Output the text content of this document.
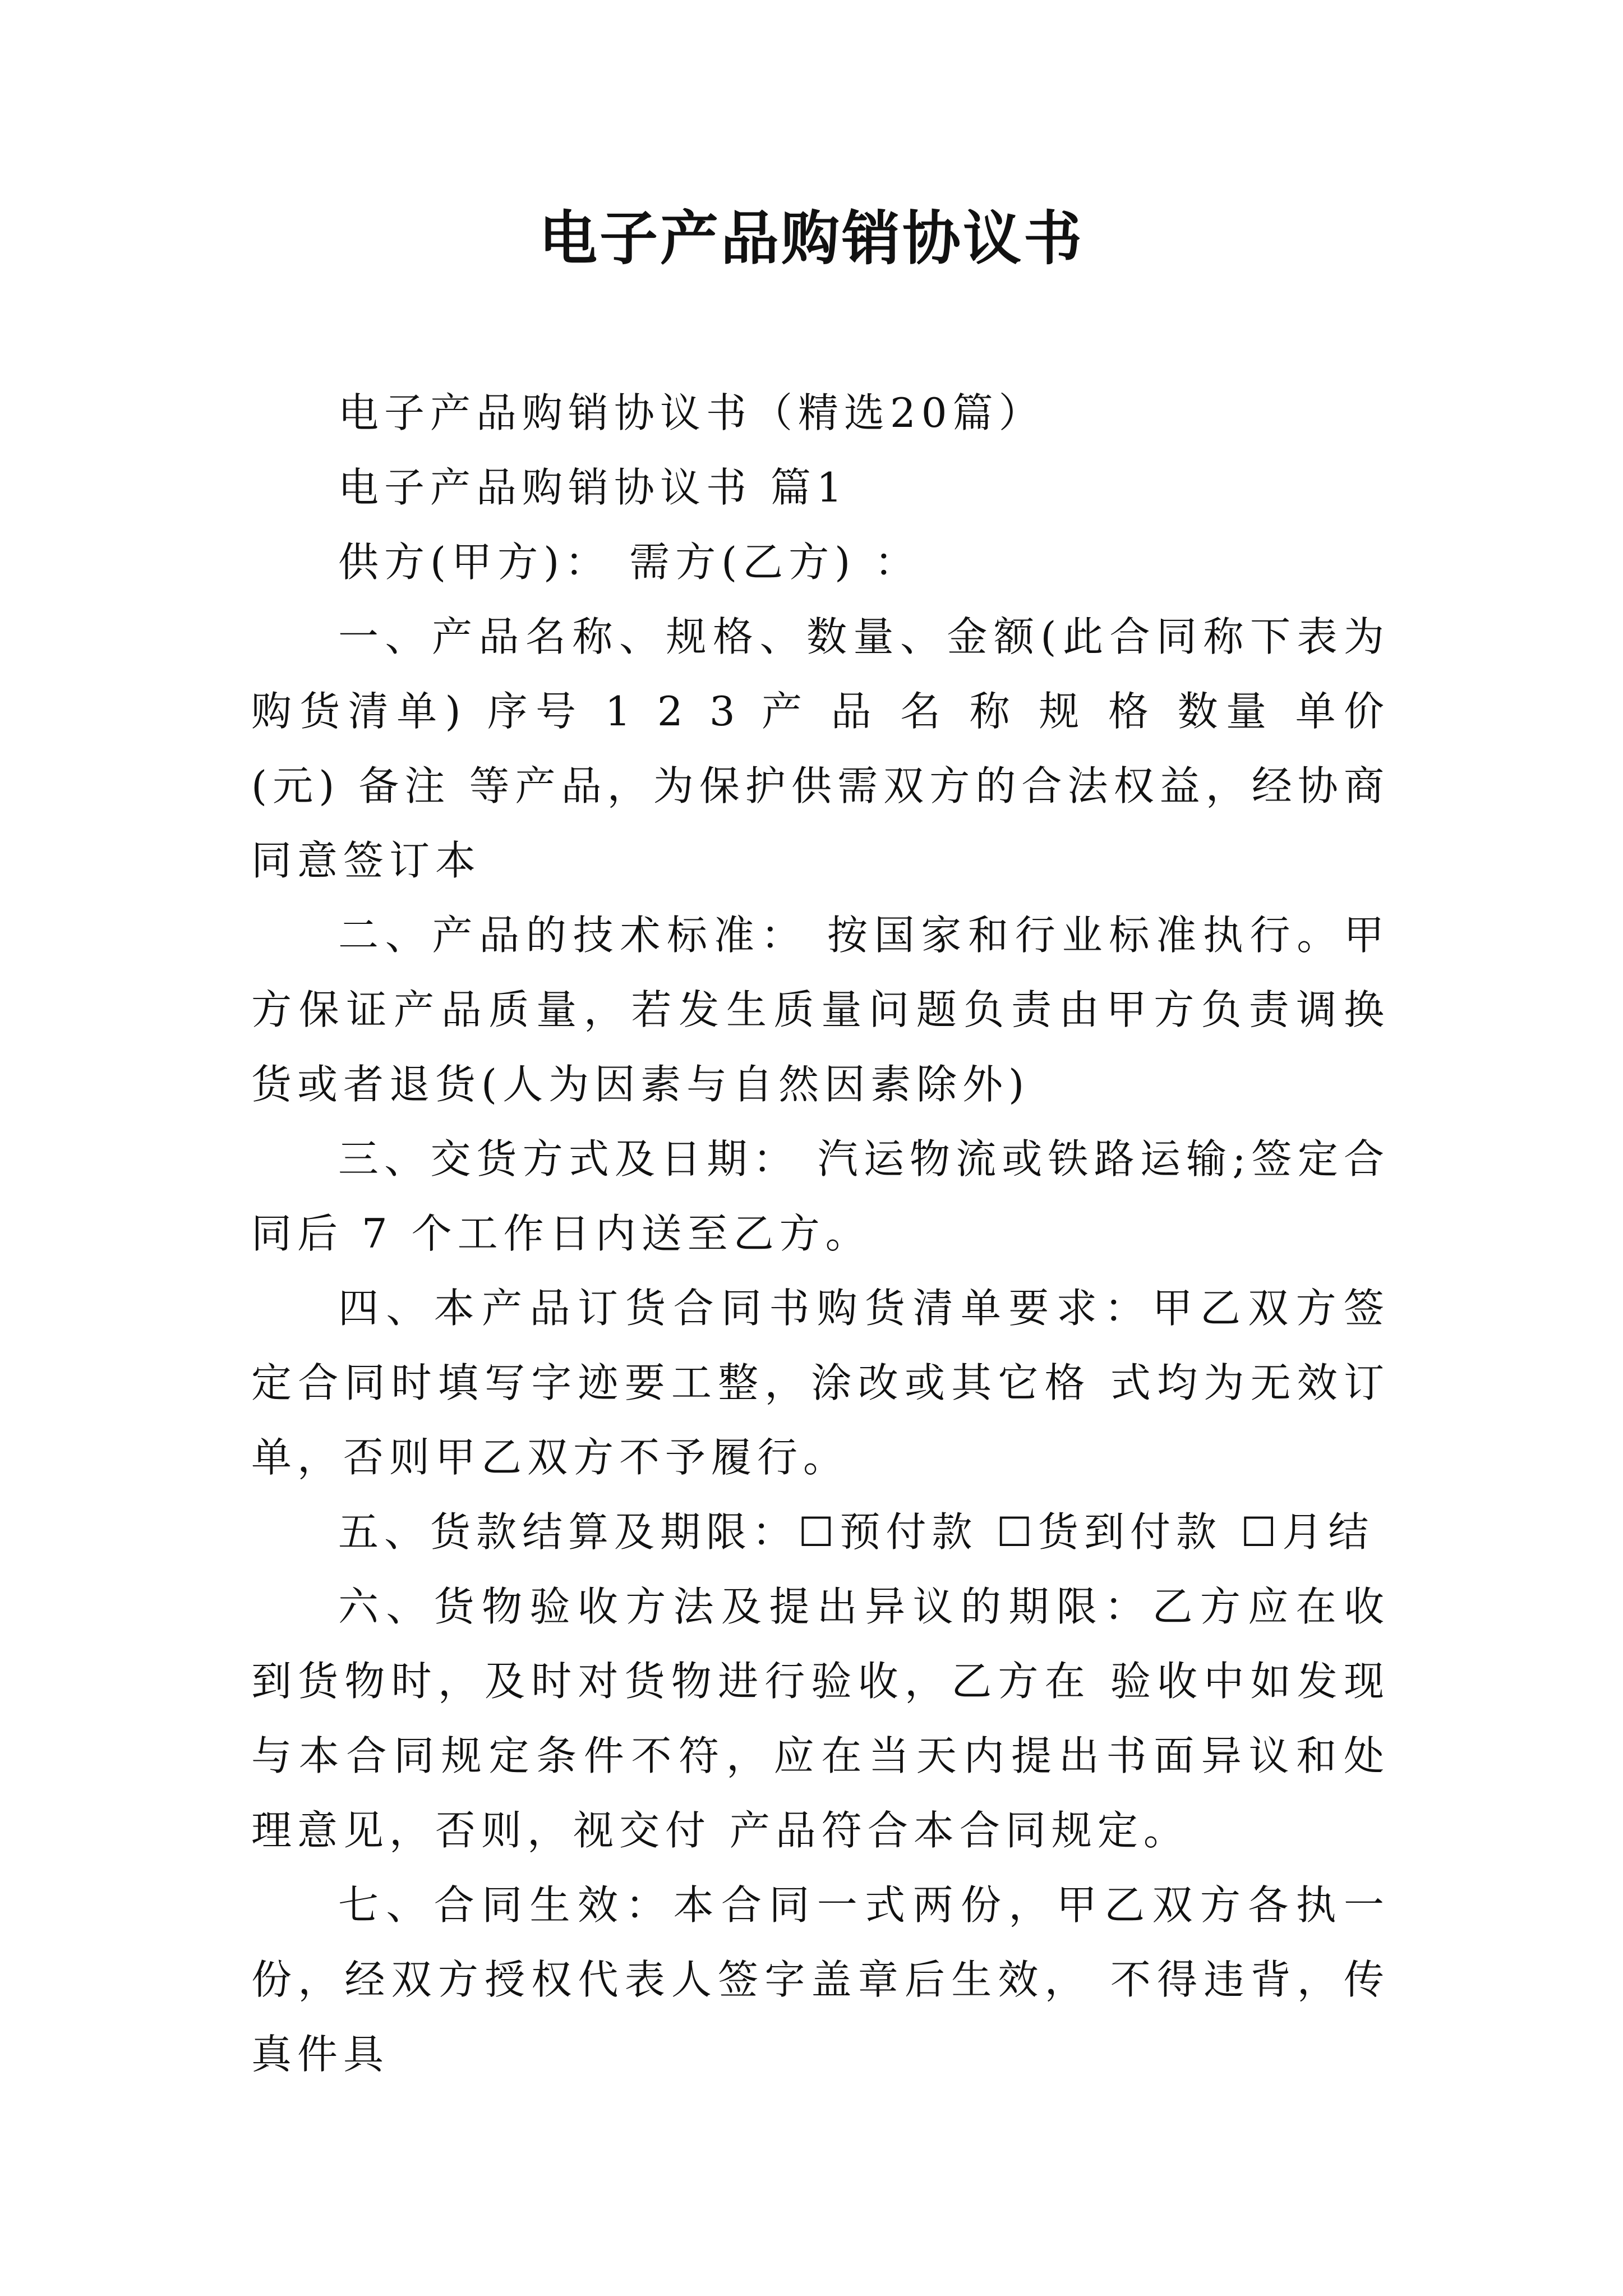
电子产品购销协议书

电子产品购销协议书（精选20篇）

电子产品购销协议书 篇1

供方(甲方)： 需方(乙方) ：

一、产品名称、规格、数量、金额(此合同称下表为购货清单) 序号 1 2 3 产 品 名 称 规 格 数量 单价(元) 备注 等产品，为保护供需双方的合法权益，经协商同意签订本

二、产品的技术标准： 按国家和行业标准执行。甲方保证产品质量，若发生质量问题负责由甲方负责调换货或者退货(人为因素与自然因素除外)

三、交货方式及日期： 汽运物流或铁路运输;签定合同后 7 个工作日内送至乙方。

四、本产品订货合同书购货清单要求：甲乙双方签定合同时填写字迹要工整，涂改或其它格 式均为无效订单，否则甲乙双方不予履行。

五、货款结算及期限：☐预付款 ☐货到付款 ☐月结

六、货物验收方法及提出异议的期限：乙方应在收到货物时，及时对货物进行验收，乙方在 验收中如发现与本合同规定条件不符，应在当天内提出书面异议和处理意见，否则，视交付 产品符合本合同规定。

七、合同生效：本合同一式两份，甲乙双方各执一份，经双方授权代表人签字盖章后生效， 不得违背，传真件具
